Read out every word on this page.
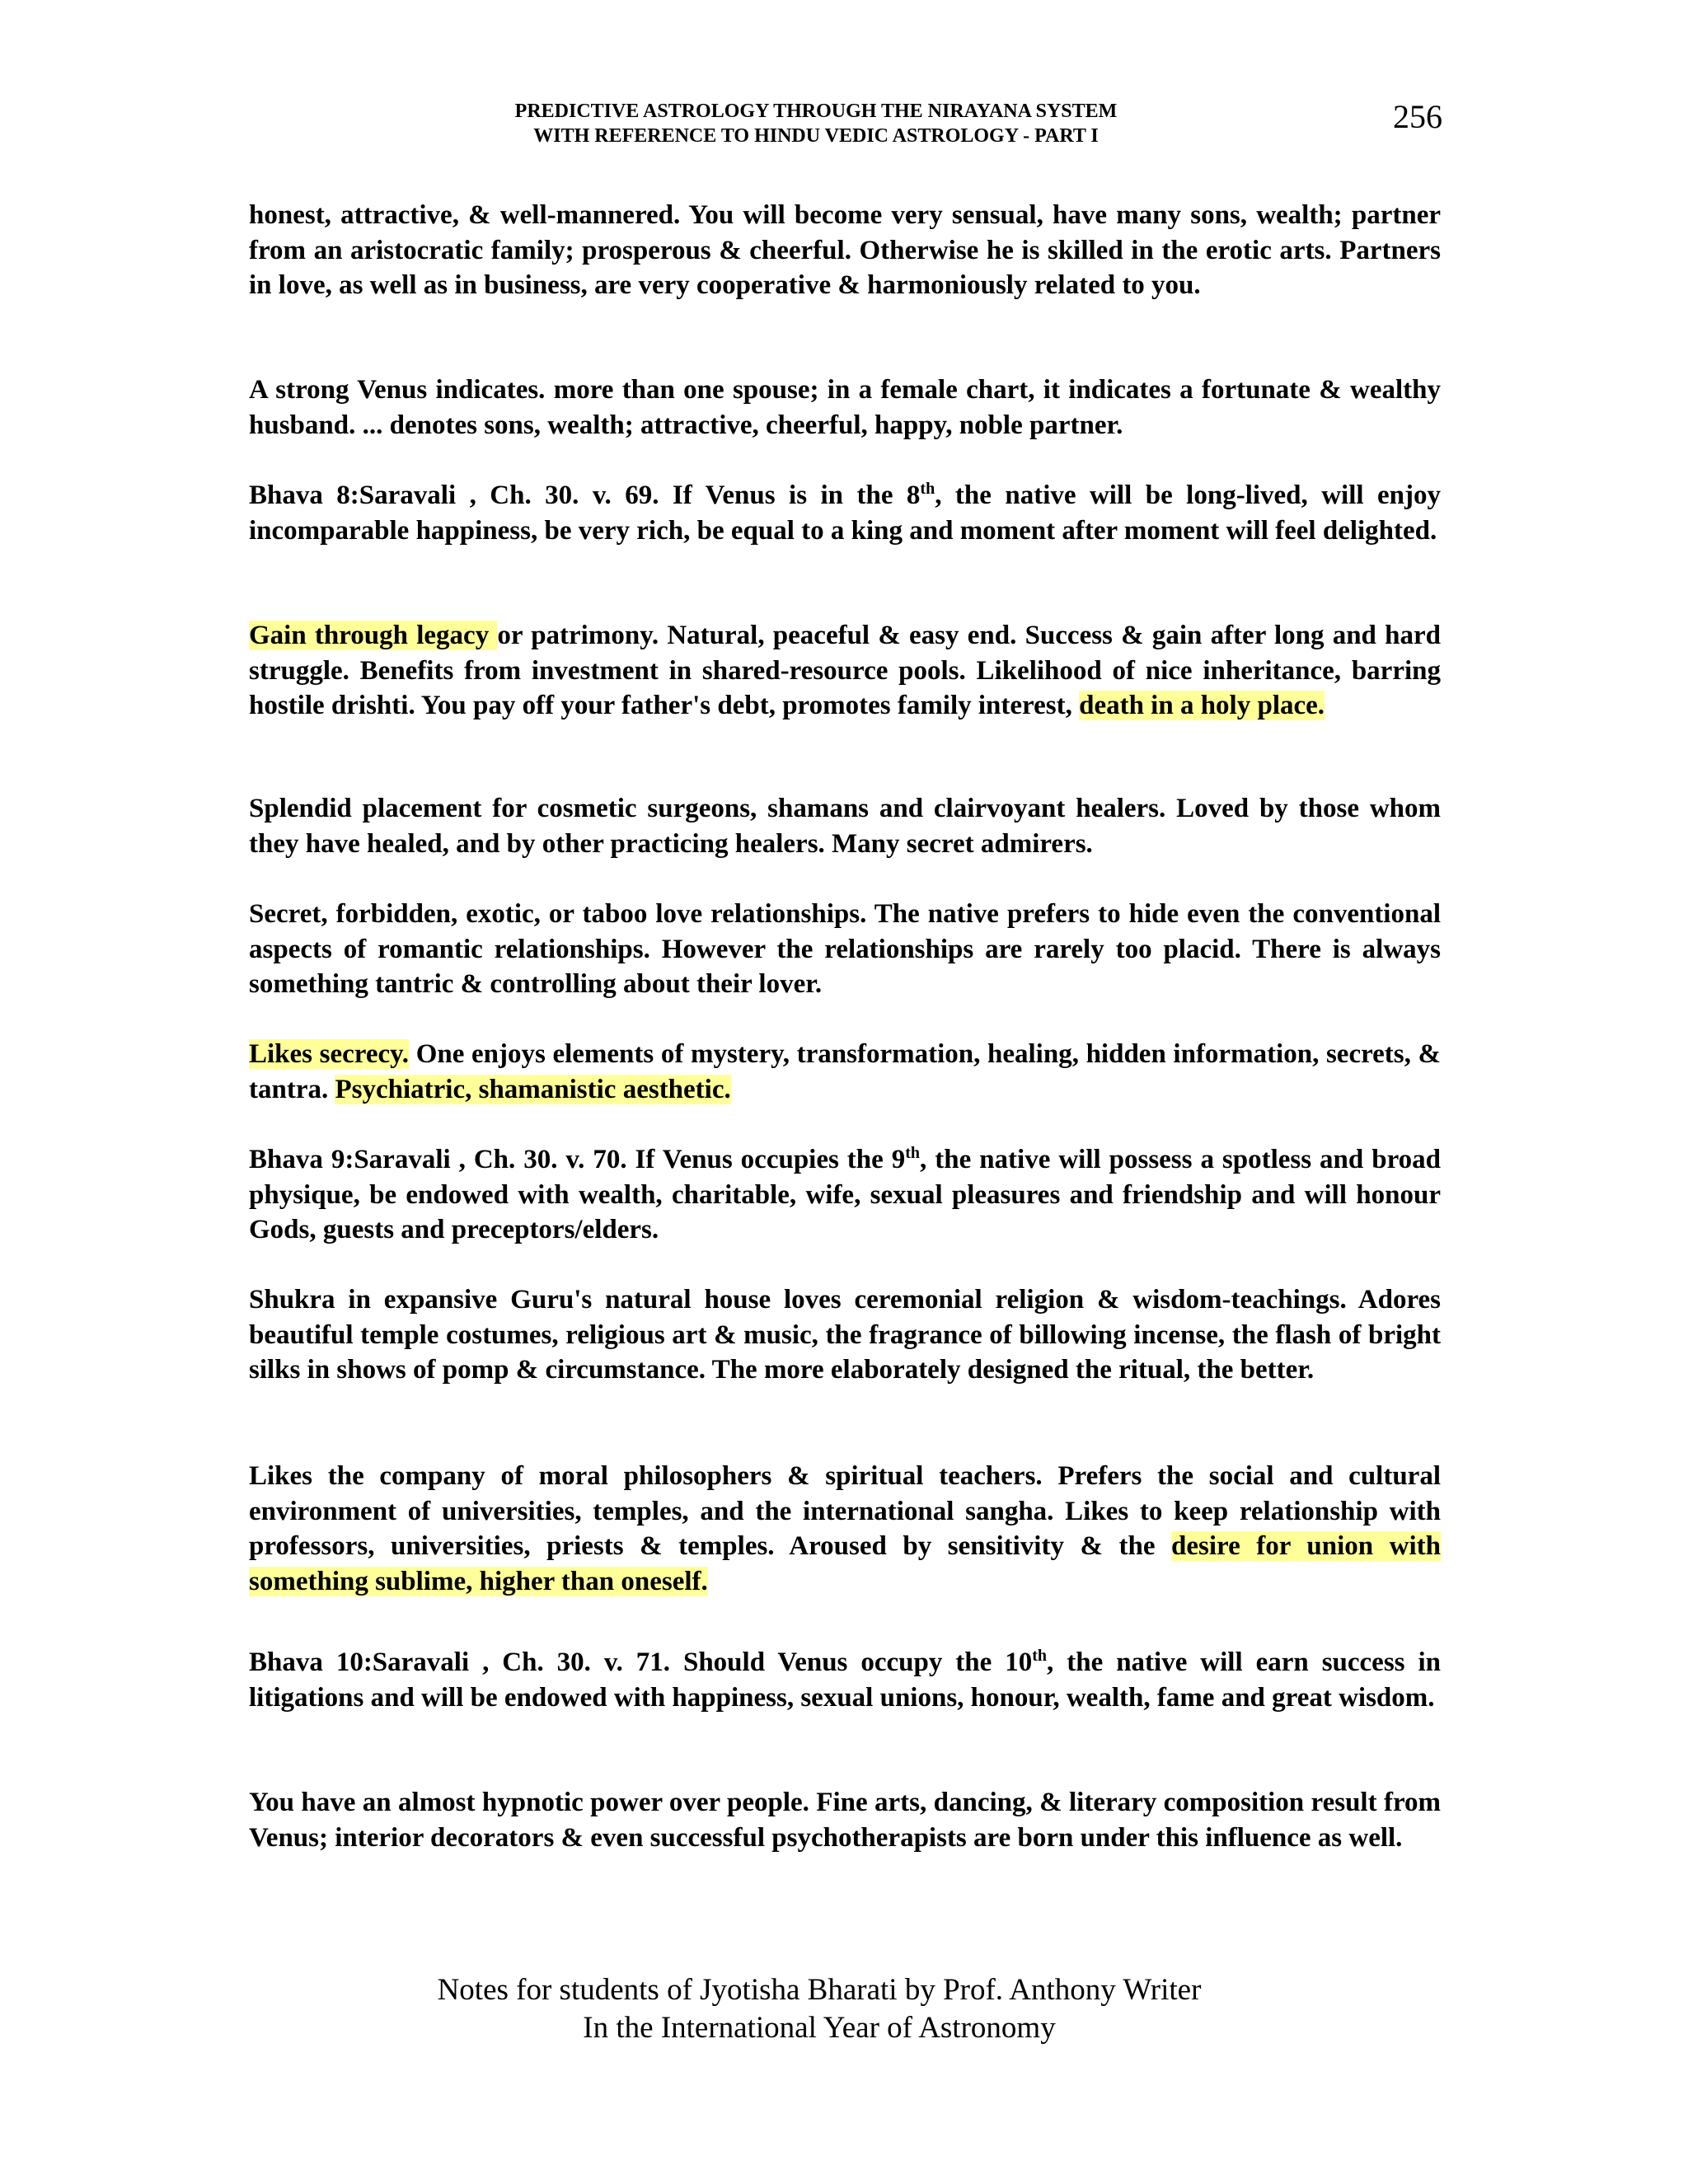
PREDICTIVE ASTROLOGY THROUGH THE NIRAYANA SYSTEM
WITH REFERENCE TO HINDU VEDIC ASTROLOGY - PART I
256

honest, attractive, & well-mannered. You will become very sensual, have many sons, wealth; partner from an aristocratic family; prosperous & cheerful. Otherwise he is skilled in the erotic arts. Partners in love, as well as in business, are very cooperative & harmoniously related to you.

A strong Venus indicates. more than one spouse; in a female chart, it indicates a fortunate & wealthy husband. ... denotes sons, wealth; attractive, cheerful, happy, noble partner.

Bhava 8:Saravali , Ch. 30. v. 69. If Venus is in the 8th, the native will be long-lived, will enjoy incomparable happiness, be very rich, be equal to a king and moment after moment will feel delighted.

Gain through legacy or patrimony. Natural, peaceful & easy end. Success & gain after long and hard struggle. Benefits from investment in shared-resource pools. Likelihood of nice inheritance, barring hostile drishti. You pay off your father's debt, promotes family interest, death in a holy place.

Splendid placement for cosmetic surgeons, shamans and clairvoyant healers. Loved by those whom they have healed, and by other practicing healers. Many secret admirers.

Secret, forbidden, exotic, or taboo love relationships. The native prefers to hide even the conventional aspects of romantic relationships. However the relationships are rarely too placid. There is always something tantric & controlling about their lover.

Likes secrecy. One enjoys elements of mystery, transformation, healing, hidden information, secrets, & tantra. Psychiatric, shamanistic aesthetic.

Bhava 9:Saravali , Ch. 30. v. 70. If Venus occupies the 9th, the native will possess a spotless and broad physique, be endowed with wealth, charitable, wife, sexual pleasures and friendship and will honour Gods, guests and preceptors/elders.

Shukra in expansive Guru's natural house loves ceremonial religion & wisdom-teachings. Adores beautiful temple costumes, religious art & music, the fragrance of billowing incense, the flash of bright silks in shows of pomp & circumstance. The more elaborately designed the ritual, the better.

Likes the company of moral philosophers & spiritual teachers. Prefers the social and cultural environment of universities, temples, and the international sangha. Likes to keep relationship with professors, universities, priests & temples. Aroused by sensitivity & the desire for union with something sublime, higher than oneself.

Bhava 10:Saravali , Ch. 30. v. 71. Should Venus occupy the 10th, the native will earn success in litigations and will be endowed with happiness, sexual unions, honour, wealth, fame and great wisdom.

You have an almost hypnotic power over people. Fine arts, dancing, & literary composition result from Venus; interior decorators & even successful psychotherapists are born under this influence as well.

Notes for students of Jyotisha Bharati by Prof. Anthony Writer
In the International Year of Astronomy
